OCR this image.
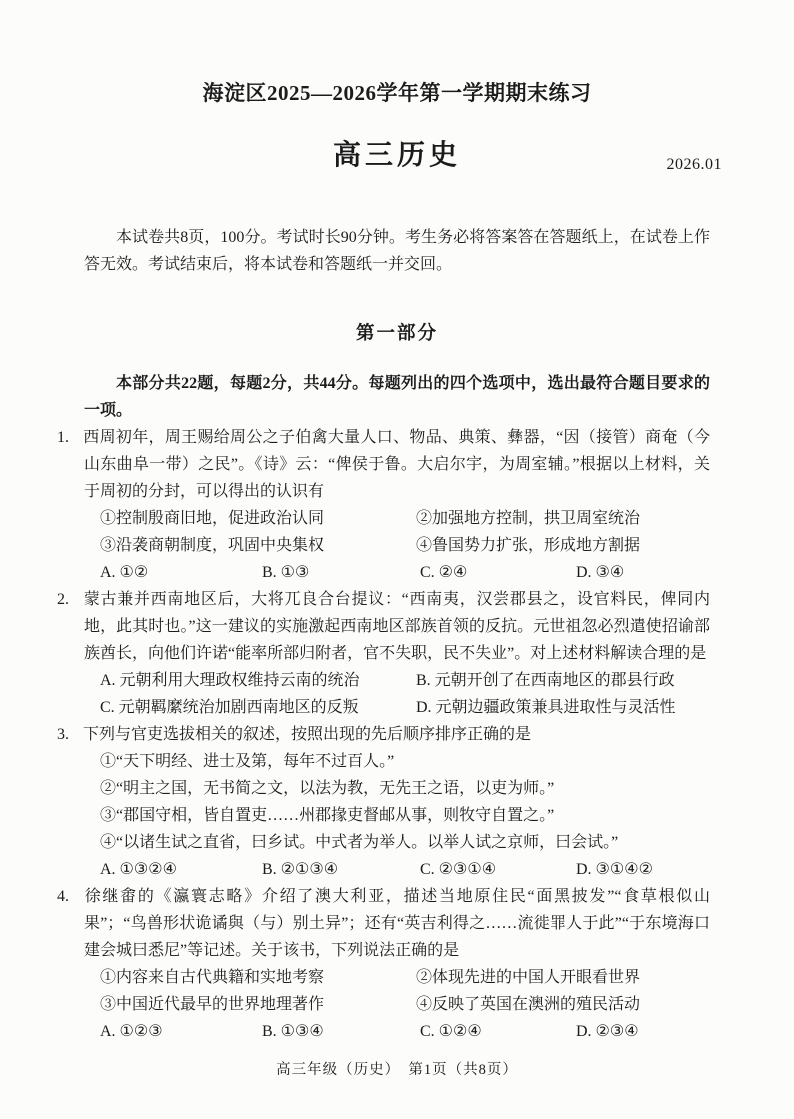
海淀区2025—2026学年第一学期期末练习
高三历史	2026.01

本试卷共8页，100分。考试时长90分钟。考生务必将答案答在答题纸上，在试卷上作答无效。考试结束后，将本试卷和答题纸一并交回。

第一部分

本部分共22题，每题2分，共44分。每题列出的四个选项中，选出最符合题目要求的一项。

1. 西周初年，周王赐给周公之子伯禽大量人口、物品、典策、彝器，“因（接管）商奄（今山东曲阜一带）之民”。《诗》云：“俾侯于鲁。大启尔宇，为周室辅。”根据以上材料，关于周初的分封，可以得出的认识有

①控制殷商旧地，促进政治认同	②加强地方控制，拱卫周室统治
③沿袭商朝制度，巩固中央集权	④鲁国势力扩张，形成地方割据
A. ①②	B. ①③	C. ②④	D. ③④

2. 蒙古兼并西南地区后，大将兀良合台提议：“西南夷，汉尝郡县之，设官料民，俾同内地，此其时也。”这一建议的实施激起西南地区部族首领的反抗。元世祖忽必烈遣使招谕部族酋长，向他们许诺“能率所部归附者，官不失职，民不失业”。对上述材料解读合理的是

A. 元朝利用大理政权维持云南的统治	B. 元朝开创了在西南地区的郡县行政
C. 元朝羁縻统治加剧西南地区的反叛	D. 元朝边疆政策兼具进取性与灵活性

3. 下列与官吏选拔相关的叙述，按照出现的先后顺序排序正确的是

①“天下明经、进士及第，每年不过百人。”
②“明主之国，无书简之文，以法为教，无先王之语，以吏为师。”
③“郡国守相，皆自置吏……州郡掾吏督邮从事，则牧守自置之。”
④“以诸生试之直省，曰乡试。中式者为举人。以举人试之京师，曰会试。”
A. ①③②④	B. ②①③④	C. ②③①④	D. ③①④②

4. 徐继畬的《瀛寰志略》介绍了澳大利亚，描述当地原住民“面黑披发”“食草根似山果”；“鸟兽形状诡谲與（与）别土异”；还有“英吉利得之……流徙罪人于此”“于东境海口建会城曰悉尼”等记述。关于该书，下列说法正确的是

①内容来自古代典籍和实地考察	②体现先进的中国人开眼看世界
③中国近代最早的世界地理著作	④反映了英国在澳洲的殖民活动
A. ①②③	B. ①③④	C. ①②④	D. ②③④
高三年级（历史）　第1页（共8页）
